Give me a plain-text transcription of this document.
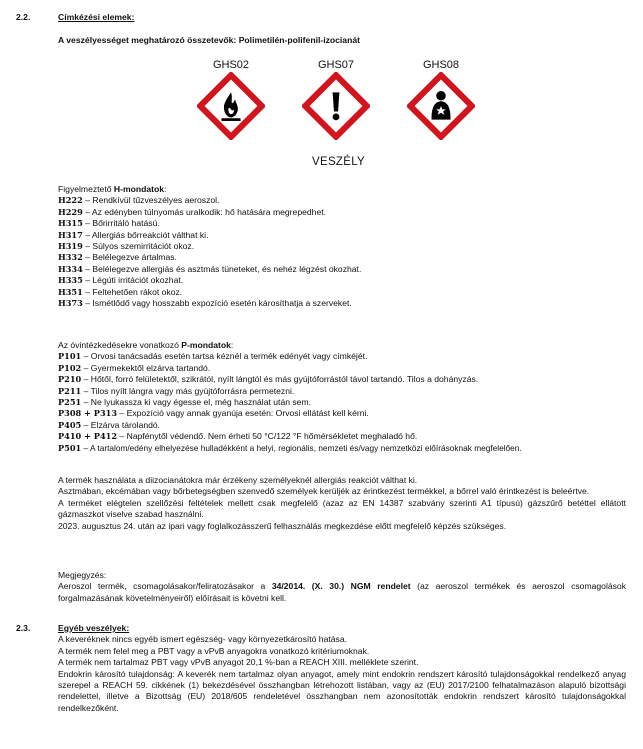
2.2.	Címkézési elemek:
A veszélyességet meghatározó összetevők: Polimetilén-polifenil-izocianát
GHS02	GHS07	GHS08
VESZÉLY
Figyelmeztető H-mondatok:
H222 – Rendkívül tűzveszélyes aeroszol.
H229 – Az edényben túlnyomás uralkodik: hő hatására megrepedhet.
H315 – Bőrirritáló hatású.
H317 – Allergiás bőrreakciót válthat ki.
H319 – Súlyos szemirritációt okoz.
H332 – Belélegezve ártalmas.
H334 – Belélegezve allergiás és asztmás tüneteket, és nehéz légzést okozhat.
H335 – Légúti irritációt okozhat.
H351 – Feltehetően rákot okoz.
H373 – Ismétlődő vagy hosszabb expozíció esetén károsíthatja a szerveket.
Az óvintézkedésekre vonatkozó P-mondatok:
P101 – Orvosi tanácsadás esetén tartsa kéznél a termék edényét vagy címkéjét.
P102 – Gyermekektől elzárva tartandó.
P210 – Hőtől, forró felületektől, szikrától, nyílt lángtól és más gyújtóforrástól távol tartandó. Tilos a dohányzás.
P211 – Tilos nyílt lángra vagy más gyújtóforrásra permetezni.
P251 – Ne lyukassza ki vagy égesse el, még használat után sem.
P308 + P313 – Expozíció vagy annak gyanúja esetén: Orvosi ellátást kell kérni.
P405 – Elzárva tárolandó.
P410 + P412 – Napfénytől védendő. Nem érheti 50 °C/122 °F hőmérsékletet meghaladó hő.
P501 – A tartalom/edény elhelyezése hulladékként a helyi, regionális, nemzeti és/vagy nemzetközi előírásoknak megfelelően.

A termék használata a diizocianátokra már érzékeny személyeknél allergiás reakciót válthat ki.

Asztmában, ekcémában vagy bőrbetegségben szenvedő személyek kerüljék az érintkezést termékkel, a bőrrel való érintkezést is beleértve.

A terméket elégtelen szellőzési feltételek mellett csak megfelelő (azaz az EN 14387 szabvány szerinti A1 típusú) gázszűrő betéttel ellátott gázmaszkot viselve szabad használni.

2023. augusztus 24. után az ipari vagy foglalkozásszerű felhasználás megkezdése előtt megfelelő képzés szükséges.

Megjegyzés:

Aeroszol termék, csomagolásakor/feliratozásakor a 34/2014. (X. 30.) NGM rendelet (az aeroszol termékek és aeroszol csomagolások forgalmazásának követelményeiről) előírásait is követni kell.

2.3.	Egyéb veszélyek:

A keveréknek nincs egyéb ismert egészség- vagy környezetkárosító hatása.

A termék nem felel meg a PBT vagy a vPvB anyagokra vonatkozó kritériumoknak.

A termék nem tartalmaz PBT vagy vPvB anyagot 20,1 %-ban a REACH XIII. melléklete szerint.

Endokrin károsító tulajdonság: A keverék nem tartalmaz olyan anyagot, amely mint endokrin rendszert károsító tulajdonságokkal rendelkező anyag szerepel a REACH 59. cikkének (1) bekezdésével összhangban létrehozott listában, vagy az (EU) 2017/2100 felhatalmazáson alapuló bizottsági rendelettel, illetve a Bizottság (EU) 2018/605 rendeletével összhangban nem azonosították endokrin rendszert károsító tulajdonságokkal rendelkezőként.
